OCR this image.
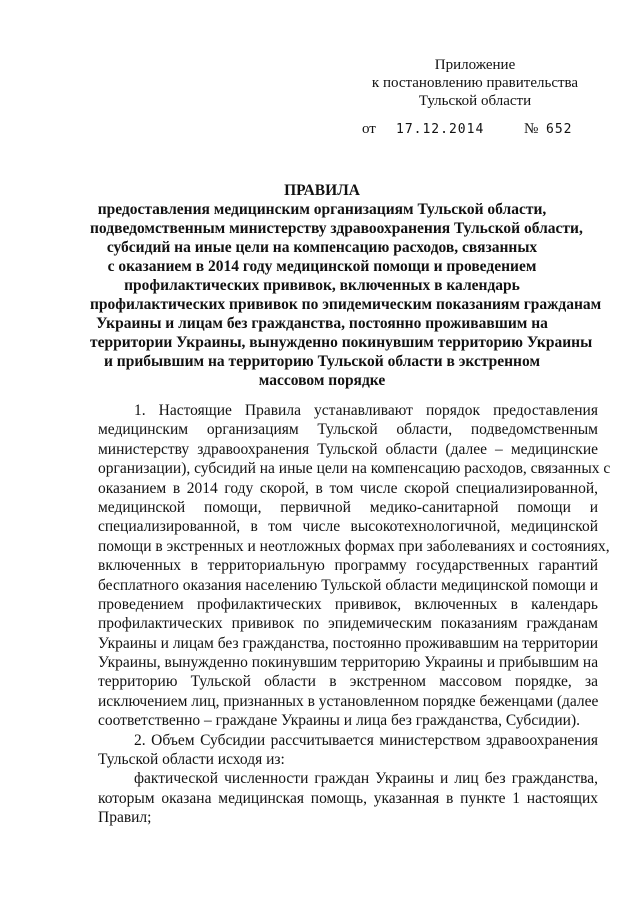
Приложение
к постановлению правительства
Тульской области
от 17.12.2014	№ 652
ПРАВИЛА
предоставления медицинским организациям Тульской области,
подведомственным министерству здравоохранения Тульской области,
субсидий на иные цели на компенсацию расходов, связанных
с оказанием в 2014 году медицинской помощи и проведением
профилактических прививок, включенных в календарь
профилактических прививок по эпидемическим показаниям гражданам
Украины и лицам без гражданства, постоянно проживавшим на
территории Украины, вынужденно покинувшим территорию Украины
и прибывшим на территорию Тульской области в экстренном
массовом порядке
1. Настоящие Правила устанавливают порядок предоставления
медицинским организациям Тульской области, подведомственным
министерству здравоохранения Тульской области (далее – медицинские
организации), субсидий на иные цели на компенсацию расходов, связанных с
оказанием в 2014 году скорой, в том числе скорой специализированной,
медицинской помощи, первичной медико-санитарной помощи и
специализированной, в том числе высокотехнологичной, медицинской
помощи в экстренных и неотложных формах при заболеваниях и состояниях,
включенных в территориальную программу государственных гарантий
бесплатного оказания населению Тульской области медицинской помощи и
проведением профилактических прививок, включенных в календарь
профилактических прививок по эпидемическим показаниям гражданам
Украины и лицам без гражданства, постоянно проживавшим на территории
Украины, вынужденно покинувшим территорию Украины и прибывшим на
территорию Тульской области в экстренном массовом порядке, за
исключением лиц, признанных в установленном порядке беженцами (далее
соответственно – граждане Украины и лица без гражданства, Субсидии).
2. Объем Субсидии рассчитывается министерством здравоохранения
Тульской области исходя из:
фактической численности граждан Украины и лиц без гражданства,
которым оказана медицинская помощь, указанная в пункте 1 настоящих
Правил;
